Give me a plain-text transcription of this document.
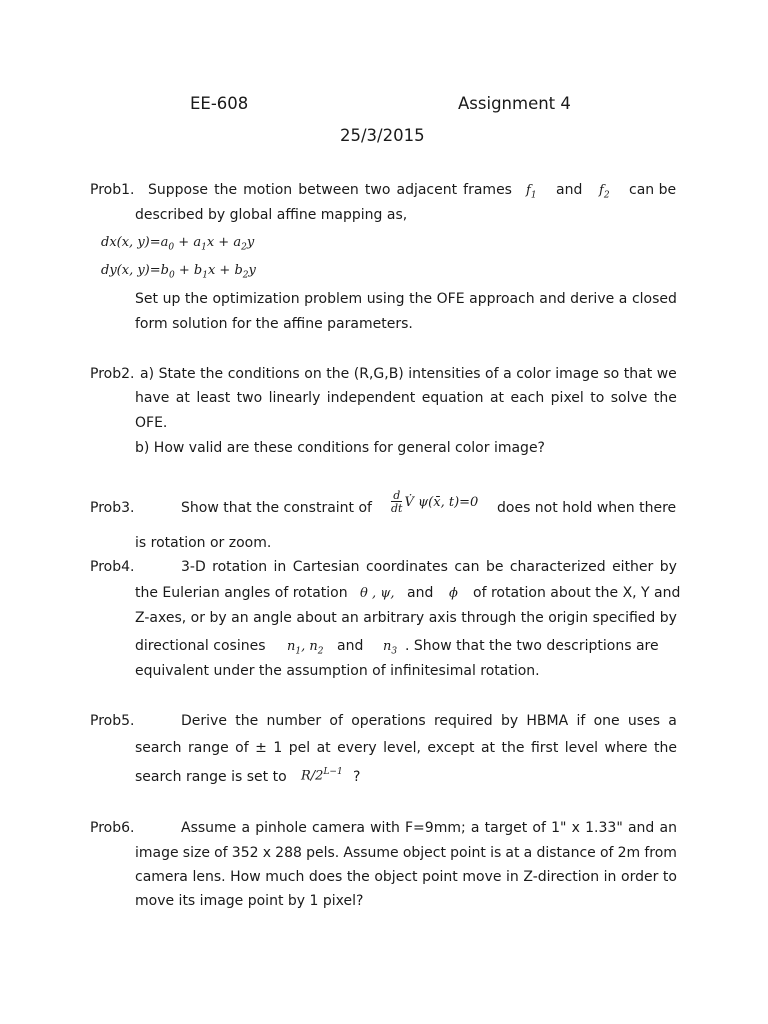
EE-608	Assignment 4
25/3/2015
Prob1. Suppose the motion between two adjacent frames $f_1$ and $f_2$ can be
described by global affine mapping as,
dx(x, $y)=a_0 + a_1x + a_2y$
dy(x, $y)=b_0 + b_1x + b_2y$
Set up the optimization problem using the OFE approach and derive a closed
form solution for the affine parameters.
Prob2. a) State the conditions on the (R,G,B) intensities of a color image so that we
have at least two linearly independent equation at each pixel to solve the
OFE.
b) How valid are these conditions for general color image?
Prob3.	Show that the constraint of $\frac{d}{dt}$ V̇ ψ(x̄, t)=0 does not hold when there
is rotation or zoom.
Prob4.	3-D rotation in Cartesian coordinates can be characterized either by
the Eulerian angles of rotation θ , ψ, and ϕ of rotation about the X, Y and
Z-axes, or by an angle about an arbitrary axis through the origin specified by
directional cosines $n_1$, $n_2$ and $n_3$ . Show that the two descriptions are
equivalent under the assumption of infinitesimal rotation.
Prob5.	Derive the number of operations required by HBMA if one uses a
search range of ± 1 pel at every level, except at the first level where the
search range is set to $R/2^{L-1}$ ?
Prob6.	Assume a pinhole camera with F=9mm; a target of 1" x 1.33" and an
image size of 352 x 288 pels. Assume object point is at a distance of 2m from
camera lens. How much does the object point move in Z-direction in order to
move its image point by 1 pixel?
